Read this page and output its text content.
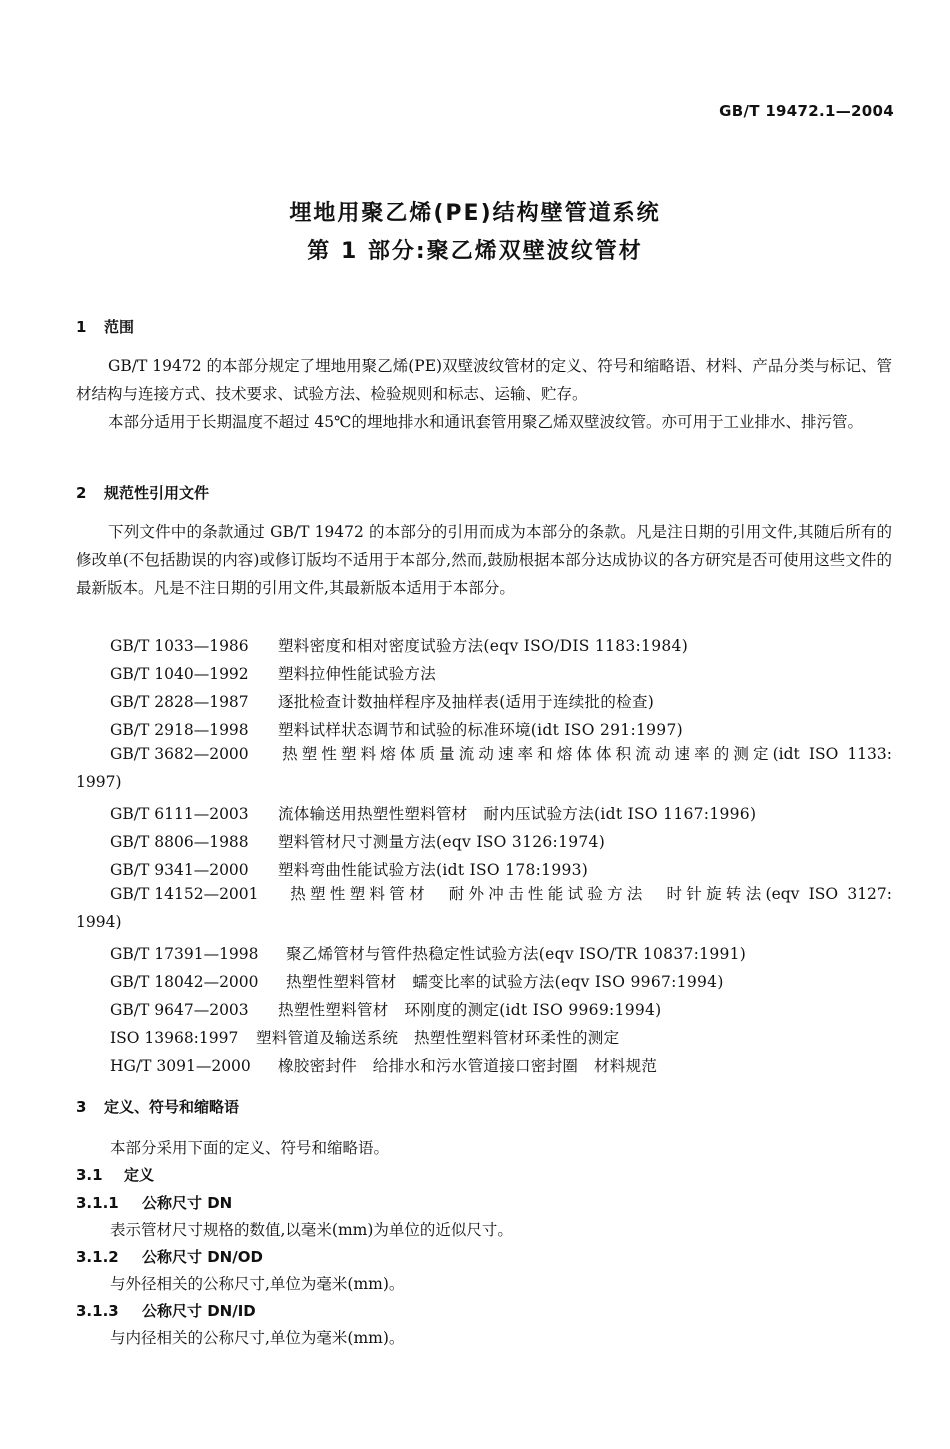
GB/T 19472.1—2004
埋地用聚乙烯(PE)结构壁管道系统
第 1 部分:聚乙烯双壁波纹管材
1 范围
GB/T 19472 的本部分规定了埋地用聚乙烯(PE)双壁波纹管材的定义、符号和缩略语、材料、产品分类与标记、管材结构与连接方式、技术要求、试验方法、检验规则和标志、运输、贮存。
本部分适用于长期温度不超过 45℃的埋地排水和通讯套管用聚乙烯双壁波纹管。亦可用于工业排水、排污管。
2 规范性引用文件
下列文件中的条款通过 GB/T 19472 的本部分的引用而成为本部分的条款。凡是注日期的引用文件,其随后所有的修改单(不包括勘误的内容)或修订版均不适用于本部分,然而,鼓励根据本部分达成协议的各方研究是否可使用这些文件的最新版本。凡是不注日期的引用文件,其最新版本适用于本部分。
GB/T 1033—1986 塑料密度和相对密度试验方法(eqv ISO/DIS 1183:1984)
GB/T 1040—1992 塑料拉伸性能试验方法
GB/T 2828—1987 逐批检查计数抽样程序及抽样表(适用于连续批的检查)
GB/T 2918—1998 塑料试样状态调节和试验的标准环境(idt ISO 291:1997)
GB/T 3682—2000 热塑性塑料熔体质量流动速率和熔体体积流动速率的测定(idt ISO 1133:
1997)
GB/T 6111—2003 流体输送用热塑性塑料管材　耐内压试验方法(idt ISO 1167:1996)
GB/T 8806—1988 塑料管材尺寸测量方法(eqv ISO 3126:1974)
GB/T 9341—2000 塑料弯曲性能试验方法(idt ISO 178:1993)
GB/T 14152—2001 热塑性塑料管材　耐外冲击性能试验方法　时针旋转法(eqv ISO 3127:
1994)
GB/T 17391—1998 聚乙烯管材与管件热稳定性试验方法(eqv ISO/TR 10837:1991)
GB/T 18042—2000 热塑性塑料管材　蠕变比率的试验方法(eqv ISO 9967:1994)
GB/T 9647—2003 热塑性塑料管材　环刚度的测定(idt ISO 9969:1994)
ISO 13968:1997 塑料管道及输送系统　热塑性塑料管材环柔性的测定
HG/T 3091—2000 橡胶密封件　给排水和污水管道接口密封圈　材料规范
3 定义、符号和缩略语
本部分采用下面的定义、符号和缩略语。
3.1 定义
3.1.1 公称尺寸 DN
表示管材尺寸规格的数值,以毫米(mm)为单位的近似尺寸。
3.1.2 公称尺寸 DN/OD
与外径相关的公称尺寸,单位为毫米(mm)。
3.1.3 公称尺寸 DN/ID
与内径相关的公称尺寸,单位为毫米(mm)。
